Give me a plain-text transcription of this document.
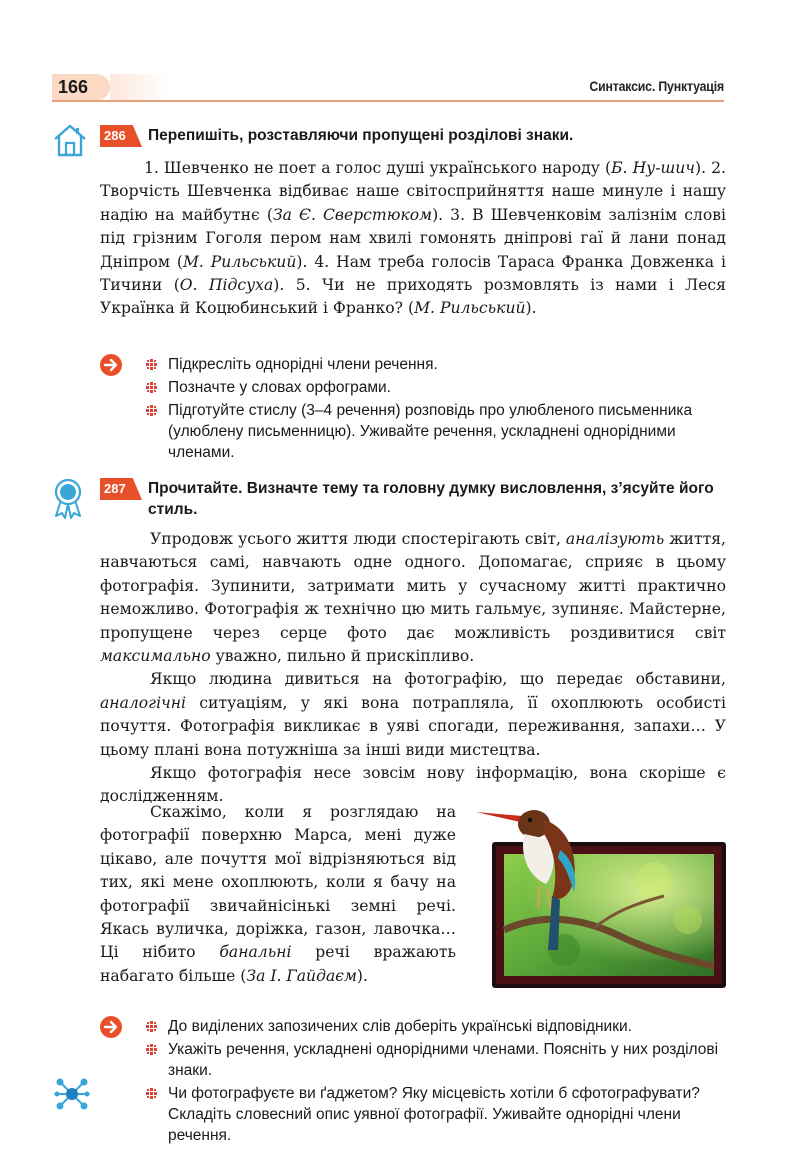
166	Синтаксис. Пунктуація
286	Перепишіть, розставляючи пропущені розділові знаки.

1. Шевченко не поет а голос душі українського народу (Б. Ну-шич). 2. Творчість Шевченка відбиває наше світосприйняття наше минуле і нашу надію на майбутнє (За Є. Сверстюком). 3. В Шевченковім залізнім слові під грізним Гоголя пером нам хвилі гомонять дніпрові гаї й лани понад Дніпром (М. Рильський). 4. Нам треба голосів Тараса Франка Довженка і Тичини (О. Підсуха). 5. Чи не приходять розмовлять із нами і Леся Українка й Коцюбинський і Франко? (М. Рильський).

Підкресліть однорідні члени речення.
Позначте у словах орфограми.
Підготуйте стислу (3–4 речення) розповідь про улюбленого письменника (улюблену письменницю). Уживайте речення, ускладнені однорідними членами.
287	Прочитайте. Визначте тему та головну думку висловлення, з’ясуйте його стиль.

Упродовж усього життя люди спостерігають світ, аналізують життя, навчаються самі, навчають одне одного. Допомагає, сприяє в цьому фотографія. Зупинити, затримати мить у сучасному житті практично неможливо. Фотографія ж технічно цю мить гальмує, зупиняє. Майстерне, пропущене через серце фото дає можливість роздивитися світ максимально уважно, пильно й прискіпливо.

Якщо людина дивиться на фотографію, що передає обставини, аналогічні ситуаціям, у які вона потрапляла, її охоплюють особисті почуття. Фотографія викликає в уяві спогади, переживання, запахи… У цьому плані вона потужніша за інші види мистецтва.

Якщо фотографія несе зовсім нову інформацію, вона скоріше є дослідженням.

Скажімо, коли я розглядаю на фотографії поверхню Марса, мені дуже цікаво, але почуття мої відрізняються від тих, які мене охоплюють, коли я бачу на фотографії звичайнісінькі земні речі. Якась вуличка, доріжка, газон, лавочка… Ці нібито банальні речі вражають набагато більше (За І. Гайдаєм).

До виділених запозичених слів доберіть українські відповідники.
Укажіть речення, ускладнені однорідними членами. Поясніть у них розділові знаки.
Чи фотографуєте ви ґаджетом? Яку місцевість хотіли б сфотографувати? Складіть словесний опис уявної фотографії. Уживайте однорідні члени речення.
